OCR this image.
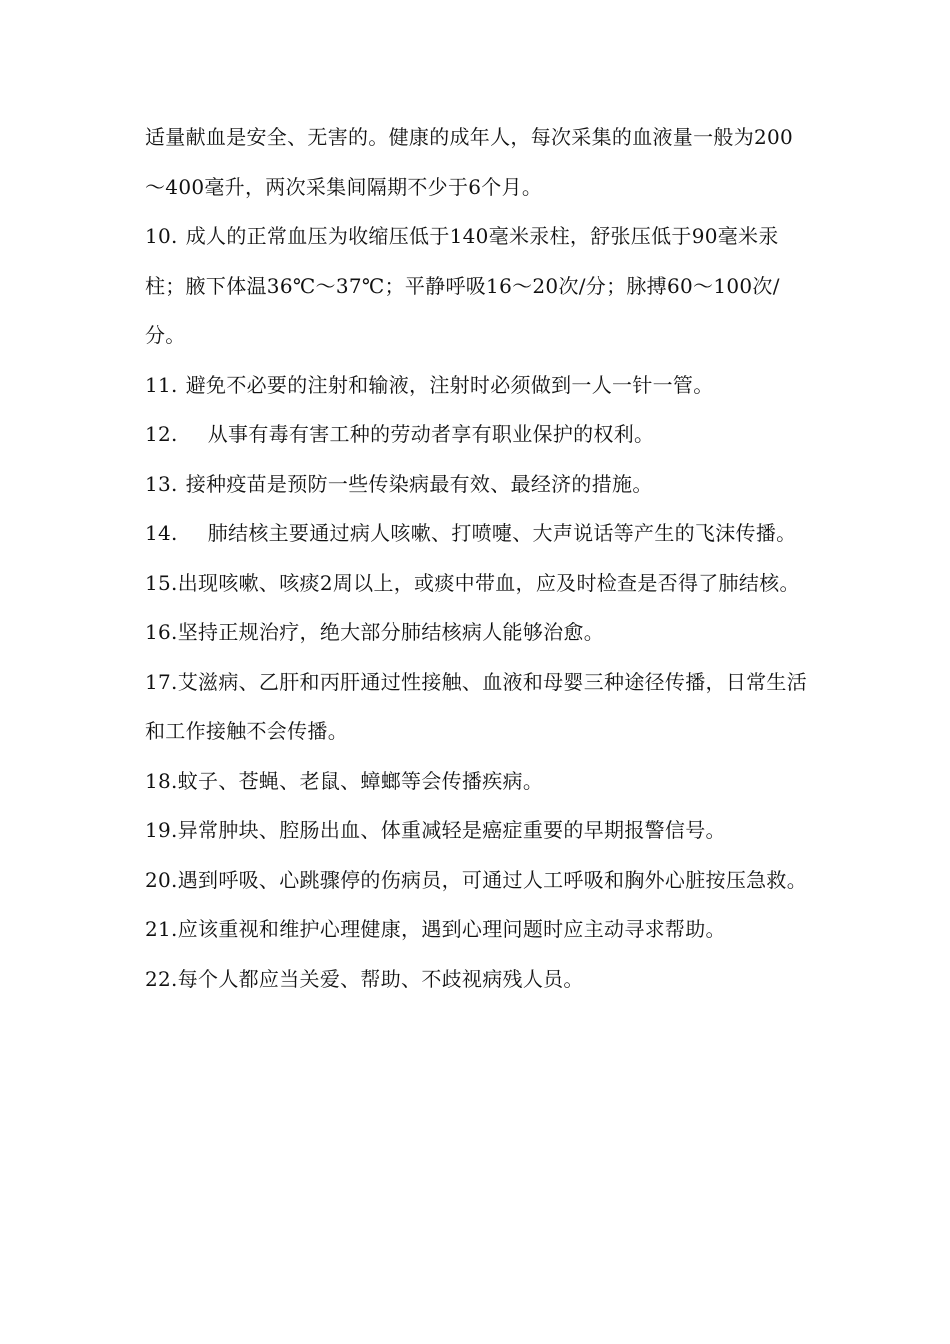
适量献血是安全、无害的。健康的成年人，每次采集的血液量一般为200～400毫升，两次采集间隔期不少于6个月。

10. 成人的正常血压为收缩压低于140毫米汞柱，舒张压低于90毫米汞柱；腋下体温36℃～37℃；平静呼吸16～20次/分；脉搏60～100次/分。

11. 避免不必要的注射和输液，注射时必须做到一人一针一管。

12. 从事有毒有害工种的劳动者享有职业保护的权利。

13. 接种疫苗是预防一些传染病最有效、最经济的措施。

14. 肺结核主要通过病人咳嗽、打喷嚏、大声说话等产生的飞沫传播。

15.出现咳嗽、咳痰2周以上，或痰中带血，应及时检查是否得了肺结核。

16.坚持正规治疗，绝大部分肺结核病人能够治愈。

17.艾滋病、乙肝和丙肝通过性接触、血液和母婴三种途径传播，日常生活和工作接触不会传播。

18.蚊子、苍蝇、老鼠、蟑螂等会传播疾病。

19.异常肿块、腔肠出血、体重减轻是癌症重要的早期报警信号。

20.遇到呼吸、心跳骤停的伤病员，可通过人工呼吸和胸外心脏按压急救。

21.应该重视和维护心理健康，遇到心理问题时应主动寻求帮助。

22.每个人都应当关爱、帮助、不歧视病残人员。
